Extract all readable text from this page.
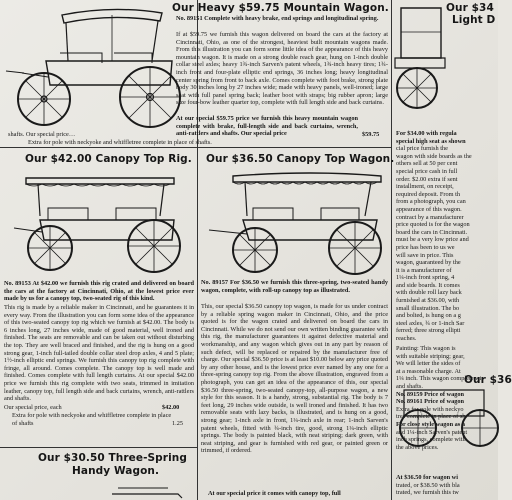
Our Heavy $59.75 Mountain Wagon.
No. 89151 Complete with heavy brake, end springs and longitudinal spring.
If at $59.75 we furnish this wagon delivered on board the cars at the factory at Cincinnati, Ohio, as one of the strongest, heaviest built mountain wagons made. From this illustration you can form some little idea of the appearance of this heavy mountain wagon. It is made on a strong double reach gear, hung on 1-inch double collar steel axles; heavy 1¾-inch Sarven's patent wheels, 1¾-inch heavy tires; 1¾-inch front and four-plate elliptic end springs, 36 inches long; heavy longitudinal center spring from front to back axle. Comes complete with foot brake, strong plate body 30 inches long by 27 inches wide; made with heavy panels, well-ironed; large seat with full panel spring back; leather boot with straps; big rubber apron; large size four-bow leather quarter top, complete with full length side and back curtains.
At our special $59.75 price we furnish this heavy mountain wagon complete with brake, full-length side and back curtains, wrench, anti-rattlers and shafts. Our special price	$59.75
shafts. Our special price…
Extra for pole with neckyoke and whiffletree complete in place of shafts.
Our $42.00 Canopy Top Rig.
No. 89153 At $42.00 we furnish this rig crated and delivered on board the cars at the factory at Cincinnati, Ohio, at the lowest price ever made by us for a canopy top, two-seated rig of this kind.
This rig is made by a reliable maker in Cincinnati, and he guarantees it in every way. From the illustration you can form some idea of the appearance of this two-seated canopy top rig which we furnish at $42.00. The body is 6 inches long, 27 inches wide, made of good material, well ironed and finished. The seats are removable and can be taken out without disturbing the top. They are well braced and finished, and the rig is hung on a good strong gear, 1-inch full-tailed double collar steel drop axles, 4 and 5 plate; 1½-inch elliptic end springs. We furnish this canopy top rig complete with fringe, all around. Comes complete. The canopy top is well made and finished. Comes complete with full length curtains. At our special $42.00 price we furnish this rig complete with two seats, trimmed in imitation leather, canopy top, full length side and back curtains, wrench, anti-rattlers and shafts.
Our special price, each	$42.00
Extra for pole with neckyoke and whiffletree complete in place of shafts	1.25
Our $30.50 Three-Spring
Handy Wagon.
Our $36.50 Canopy Top Wagon.
No. 89157 For $36.50 we furnish this three-spring, two-seated handy wagon, complete, with roll-up canopy top as illustrated.
This, our special $36.50 canopy top wagon, is made for us under contract by a reliable spring wagon maker in Cincinnati, Ohio, and the price quoted is for the wagon crated and delivered on board the cars in Cincinnati. While we do not send our own written binding guarantee with this rig, the manufacturer guarantees it against defective material and workmanship, and any wagon which gives out in any part by reason of such defect, will be replaced or repaired by the manufacturer free of charge. Our special $36.50 price is at least $10.00 below any price quoted by any other house, and is the lowest price ever named by any one for a three-spring canopy top rig. From the above illustration, engraved from a photograph, you can get an idea of the appearance of this, our special $36.50 three-spring, two-seated canopy-top, all-purpose wagon, a new style for this season. It is a handy, strong, substantial rig. The body is 7 feet long, 29 inches wide outside, is well ironed and finished. It has two removable seats with lazy backs, is illustrated, and is hung on a good, strong gear; 1-inch axle in front, 1¼-inch axle in rear; 1-inch Sarven's patent wheels, fitted with ¾-inch tire, good, strong 1¼-inch elliptic springs. The body is painted black, with neat striping; dark green, with neat striping, and gear is furnished with red gear, or painted green or trimmed, if ordered.
At our special price it comes with canopy top, full
Our $34
Light D
For $34.00 with regula
special high seat as shown
cial price furnish the
wagon with side boards as the
others sell at 50 per cent
special price cash in full
order. $2.00 extra if sent
installment, on receipt,
required deposit. From th
from a photograph, you can
appearance of this wagon.
contract by a manufacturer
price quoted is for the wagon
board the cars in Cincinnati.
must be a very low price and
price has been to us we
will save in price. This
wagon, guaranteed by the
it is a manufacturer of
1¼-inch front spring, 4
and side boards. It comes
with double roll lazy back
furnished at $36.00, with
small illustration. The bo
and bolted, is hung on a g
steel axles, ¾ or 1-inch Sar
ferred; three strong ellipti
reaches.
Painting: This wagon is
with suitable striping; gear,
We will letter the sides of
at a reasonable charge. At
1¼ inch. This wagon complete wi
and shafts.
No. 89159 Price of wagon
No. 89161 Price of wagon
Extra for pole with neckyo
tree complete in place of sh
For close style wagon as a
and 1¼-inch Sarven's patent
inch springs, complete with
the above prices.
Our $36
At $36.50 for wagon wi
trated, or $38.50 with bla
trated, we furnish this tw
